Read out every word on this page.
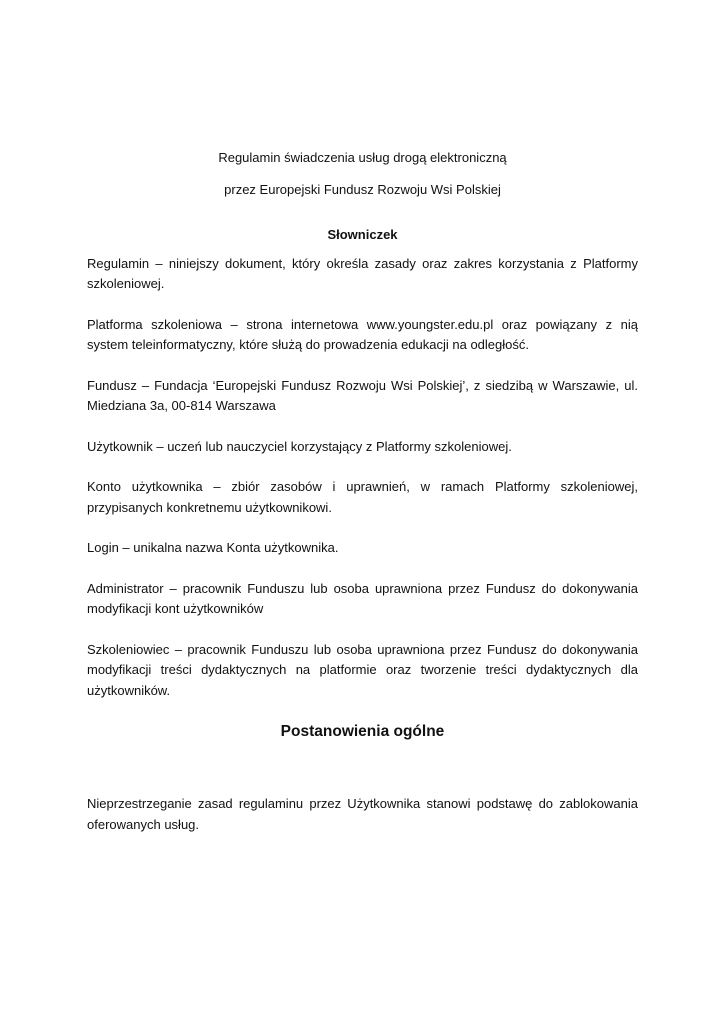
Regulamin świadczenia usług drogą elektroniczną

przez Europejski Fundusz Rozwoju Wsi Polskiej

Słowniczek

Regulamin – niniejszy dokument, który określa zasady oraz zakres korzystania z Platformy szkoleniowej.

Platforma szkoleniowa – strona internetowa www.youngster.edu.pl oraz powiązany z nią system teleinformatyczny, które służą do prowadzenia edukacji na odległość.

Fundusz – Fundacja ‘Europejski Fundusz Rozwoju Wsi Polskiej’, z siedzibą w Warszawie, ul. Miedziana 3a, 00-814 Warszawa

Użytkownik – uczeń lub nauczyciel korzystający z Platformy szkoleniowej.

Konto użytkownika – zbiór zasobów i uprawnień, w ramach Platformy szkoleniowej, przypisanych konkretnemu użytkownikowi.

Login – unikalna nazwa Konta użytkownika.

Administrator – pracownik Funduszu lub osoba uprawniona przez Fundusz do dokonywania modyfikacji kont użytkowników

Szkoleniowiec – pracownik Funduszu lub osoba uprawniona przez Fundusz do dokonywania modyfikacji treści dydaktycznych na platformie oraz tworzenie treści dydaktycznych dla użytkowników.

Postanowienia ogólne

Nieprzestrzeganie zasad regulaminu przez Użytkownika stanowi podstawę do zablokowania oferowanych usług.
